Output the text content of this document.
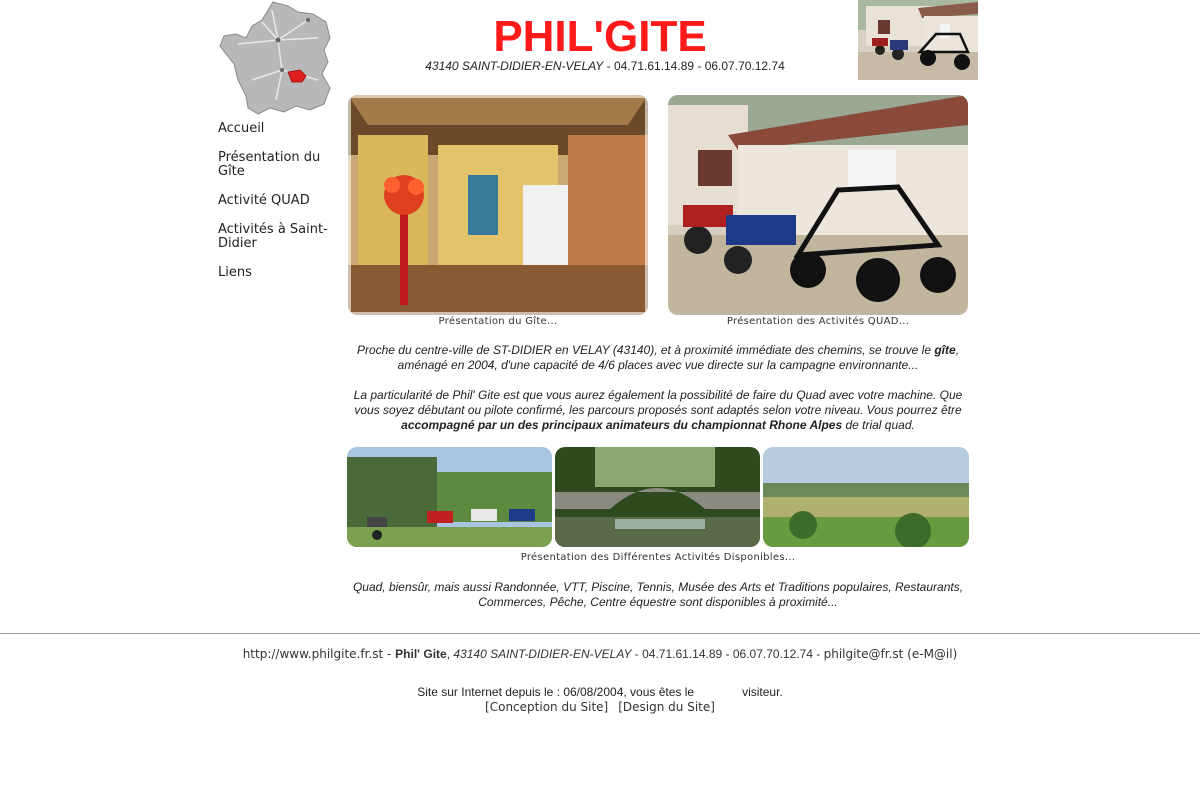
PHIL'GITE
43140 SAINT-DIDIER-EN-VELAY - 04.71.61.14.89 - 06.07.70.12.74
Accueil
Présentation du Gîte
Activité QUAD
Activités à Saint-Didier
Liens
Présentation du Gîte...	Présentation des Activités QUAD...
Proche du centre-ville de ST-DIDIER en VELAY (43140), et à proximité immédiate des chemins, se trouve le gîte, aménagé en 2004, d'une capacité de 4/6 places avec vue directe sur la campagne environnante...
La particularité de Phil' Gite est que vous aurez également la possibilité de faire du Quad avec votre machine. Que vous soyez débutant ou pilote confirmé, les parcours proposés sont adaptés selon votre niveau. Vous pourrez être accompagné par un des principaux animateurs du championnat Rhone Alpes de trial quad.
Présentation des Différentes Activités Disponibles...
Quad, biensûr, mais aussi Randonnée, VTT, Piscine, Tennis, Musée des Arts et Traditions populaires, Restaurants, Commerces, Pêche, Centre équestre sont disponibles à proximité...
http://www.philgite.fr.st - Phil' Gite, 43140 SAINT-DIDIER-EN-VELAY - 04.71.61.14.89 - 06.07.70.12.74 - philgite@fr.st (e-M@il)
Site sur Internet depuis le : 06/08/2004, vous êtes le	visiteur.
[Conception du Site] [Design du Site]
